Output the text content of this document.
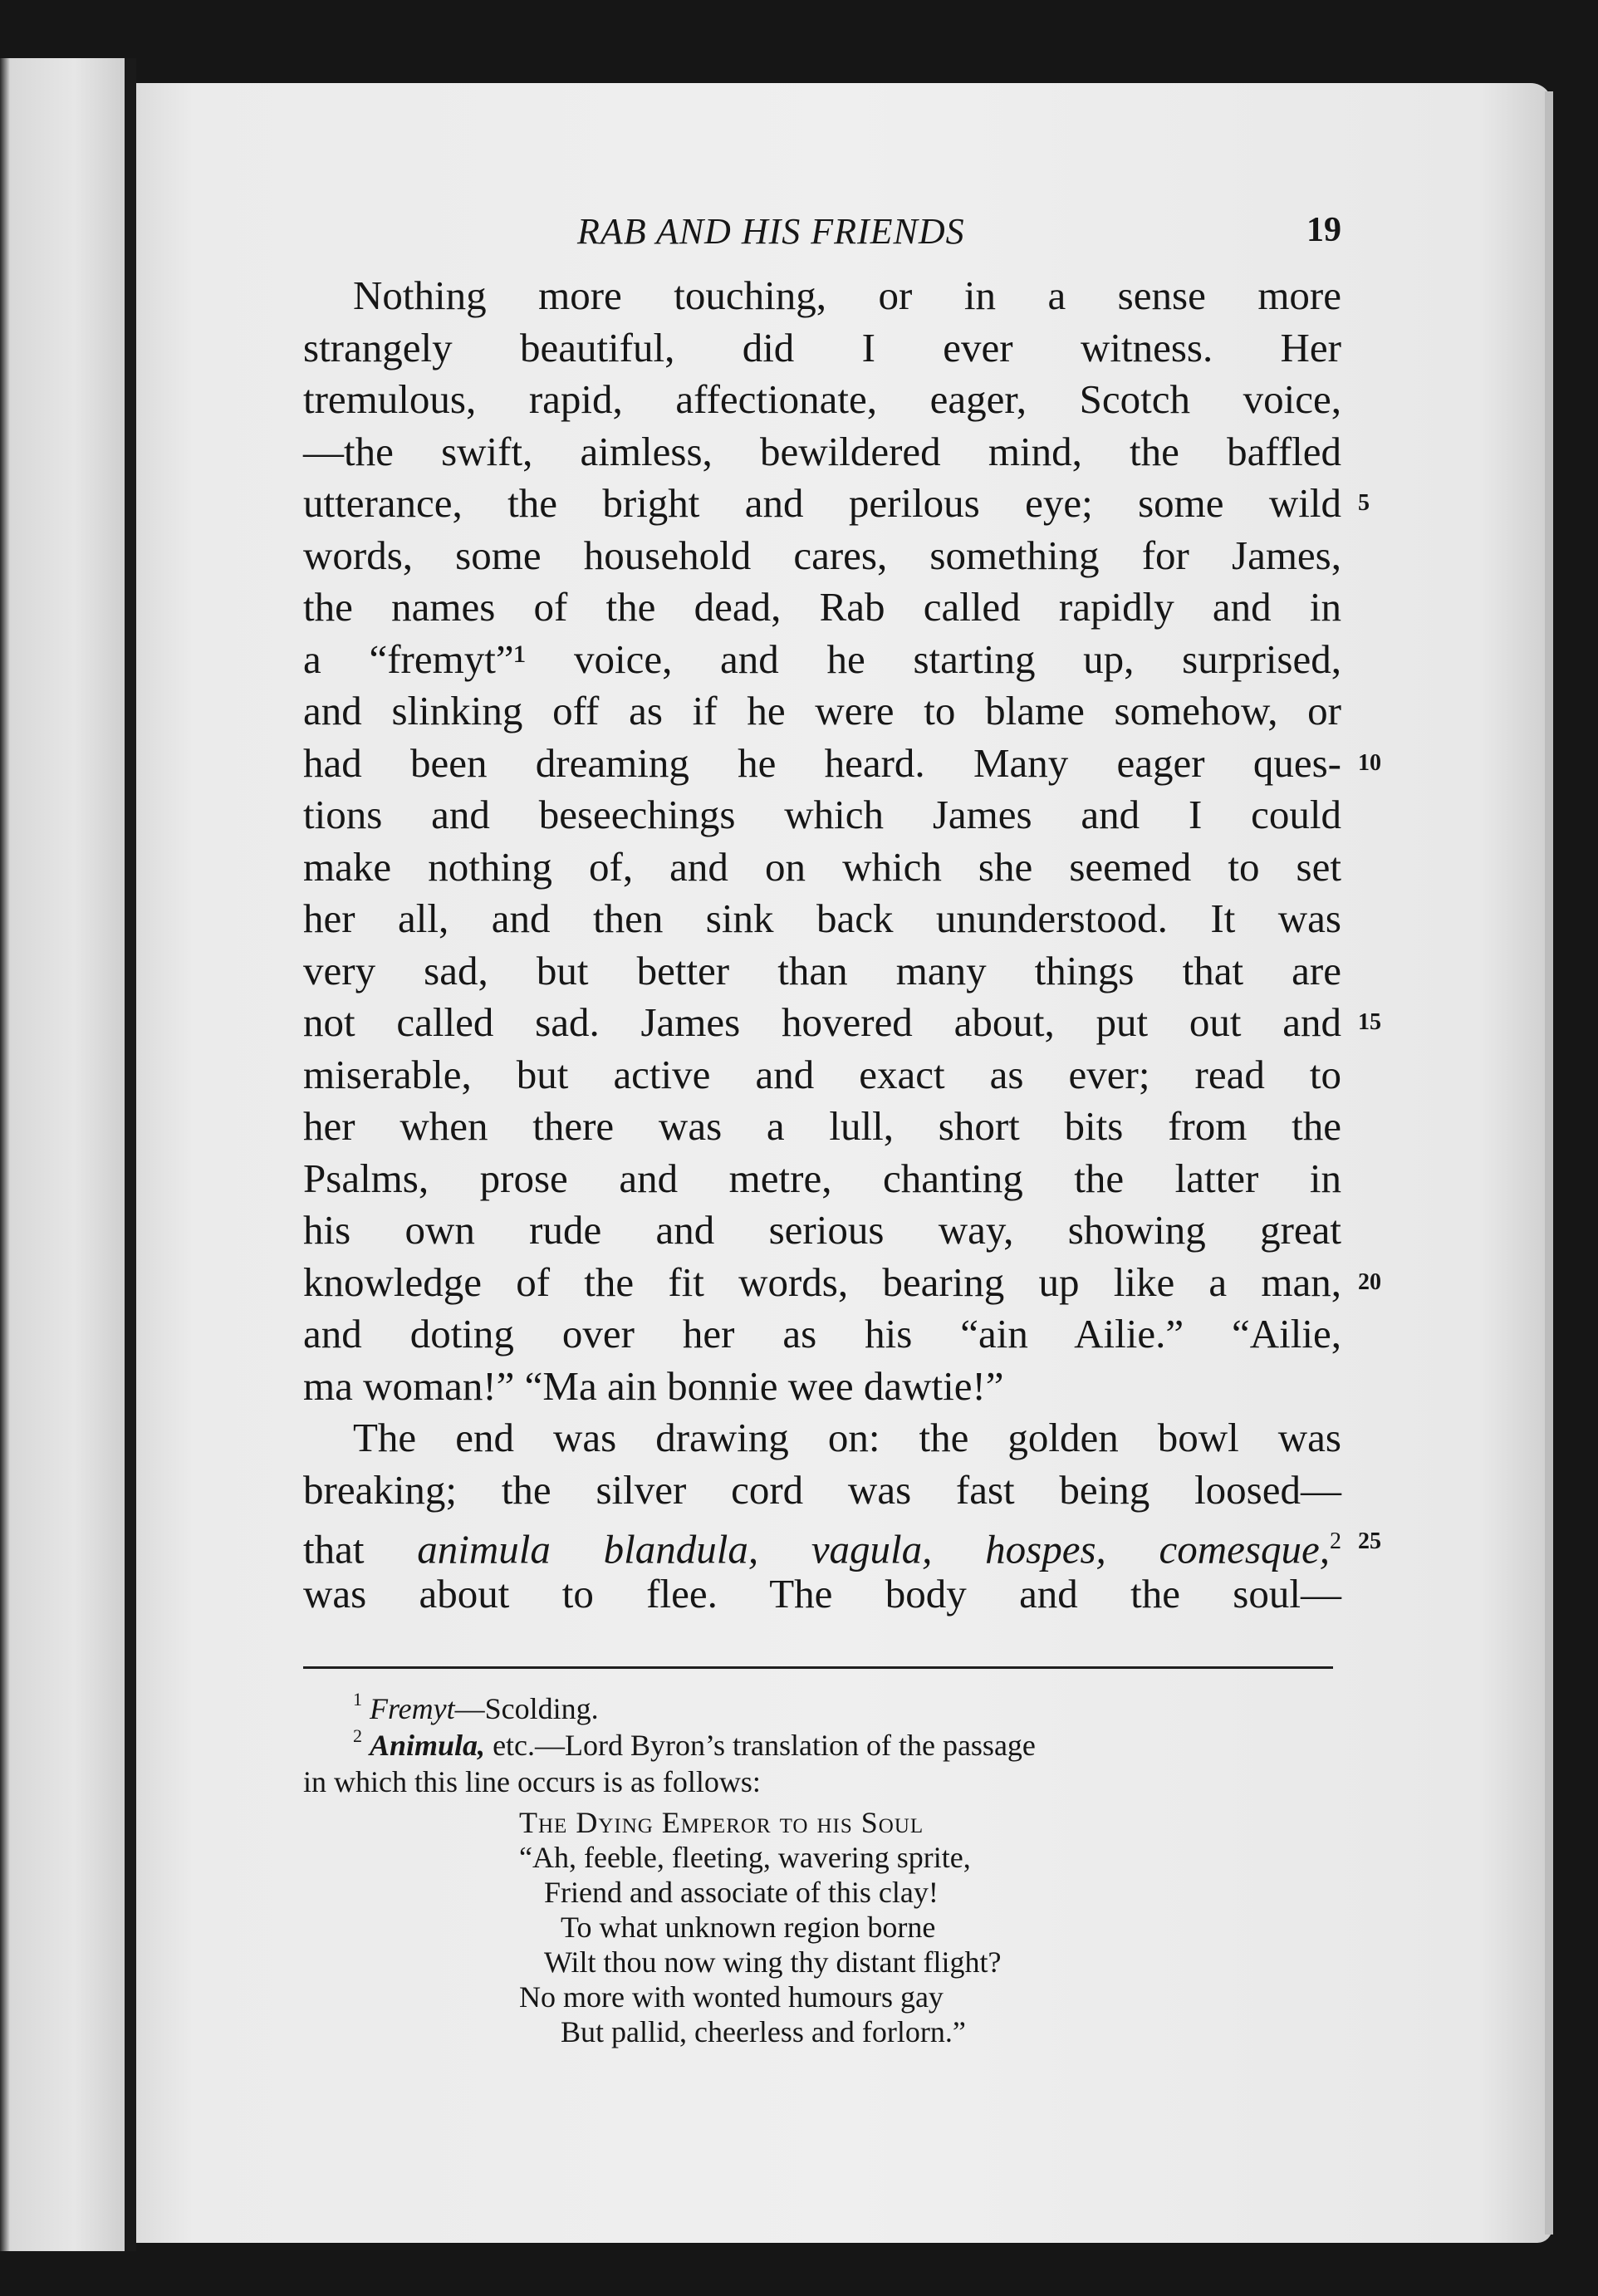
RAB AND HIS FRIENDS	19
Nothing more touching, or in a sense more
strangely beautiful, did I ever witness. Her
tremulous, rapid, affectionate, eager, Scotch voice,
—the swift, aimless, bewildered mind, the baffled
utterance, the bright and perilous eye; some wild 5
words, some household cares, something for James,
the names of the dead, Rab called rapidly and in
a “fremyt”¹ voice, and he starting up, surprised,
and slinking off as if he were to blame somehow, or
had been dreaming he heard. Many eager ques- 10
tions and beseechings which James and I could
make nothing of, and on which she seemed to set
her all, and then sink back ununderstood. It was
very sad, but better than many things that are
not called sad. James hovered about, put out and 15
miserable, but active and exact as ever; read to
her when there was a lull, short bits from the
Psalms, prose and metre, chanting the latter in
his own rude and serious way, showing great
knowledge of the fit words, bearing up like a man, 20
and doting over her as his “ain Ailie.” “Ailie,
ma woman!” “Ma ain bonnie wee dawtie!”
The end was drawing on: the golden bowl was
breaking; the silver cord was fast being loosed—
that animula blandula, vagula, hospes, comesque,$^2$ 25
was about to flee. The body and the soul—
$^1$ Fremyt—Scolding.
$^2$ Animula, etc.—Lord Byron’s translation of the passage
in which this line occurs is as follows:
The Dying Emperor to his Soul
“Ah, feeble, fleeting, wavering sprite,
Friend and associate of this clay!
To what unknown region borne
Wilt thou now wing thy distant flight?
No more with wonted humours gay
But pallid, cheerless and forlorn.”
